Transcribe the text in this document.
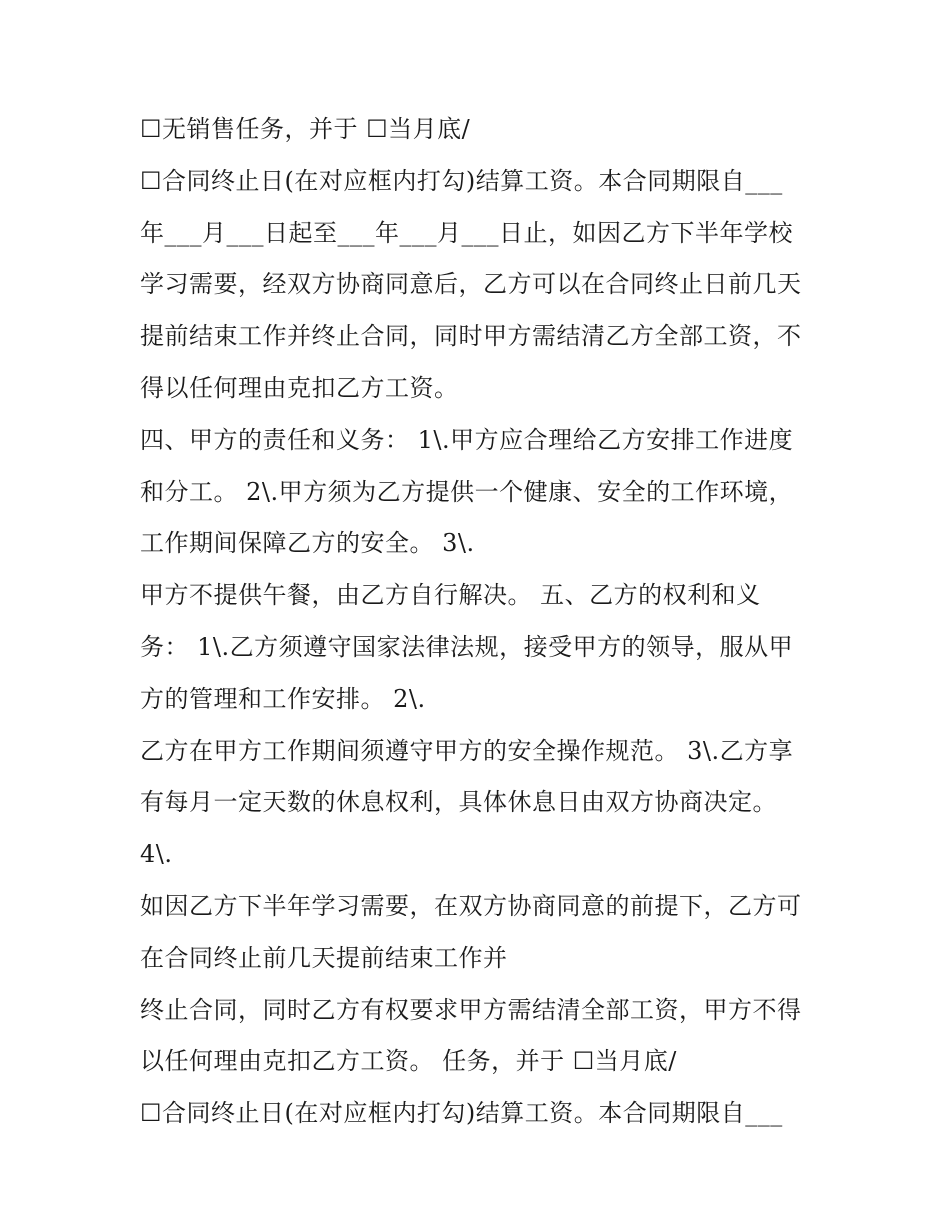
☐无销售任务，并于 ☐当月底/
☐合同终止日(在对应框内打勾)结算工资。本合同期限自___
年___月___日起至___年___月___日止，如因乙方下半年学校
学习需要，经双方协商同意后，乙方可以在合同终止日前几天
提前结束工作并终止合同，同时甲方需结清乙方全部工资，不
得以任何理由克扣乙方工资。
四、甲方的责任和义务： 1\.甲方应合理给乙方安排工作进度
和分工。 2\.甲方须为乙方提供一个健康、安全的工作环境，
工作期间保障乙方的安全。 3\.
甲方不提供午餐，由乙方自行解决。 五、乙方的权利和义
务： 1\.乙方须遵守国家法律法规，接受甲方的领导，服从甲
方的管理和工作安排。 2\.
乙方在甲方工作期间须遵守甲方的安全操作规范。 3\.乙方享
有每月一定天数的休息权利，具体休息日由双方协商决定。
4\.
如因乙方下半年学习需要，在双方协商同意的前提下，乙方可
在合同终止前几天提前结束工作并
终止合同，同时乙方有权要求甲方需结清全部工资，甲方不得
以任何理由克扣乙方工资。 任务，并于 ☐当月底/
☐合同终止日(在对应框内打勾)结算工资。本合同期限自___
